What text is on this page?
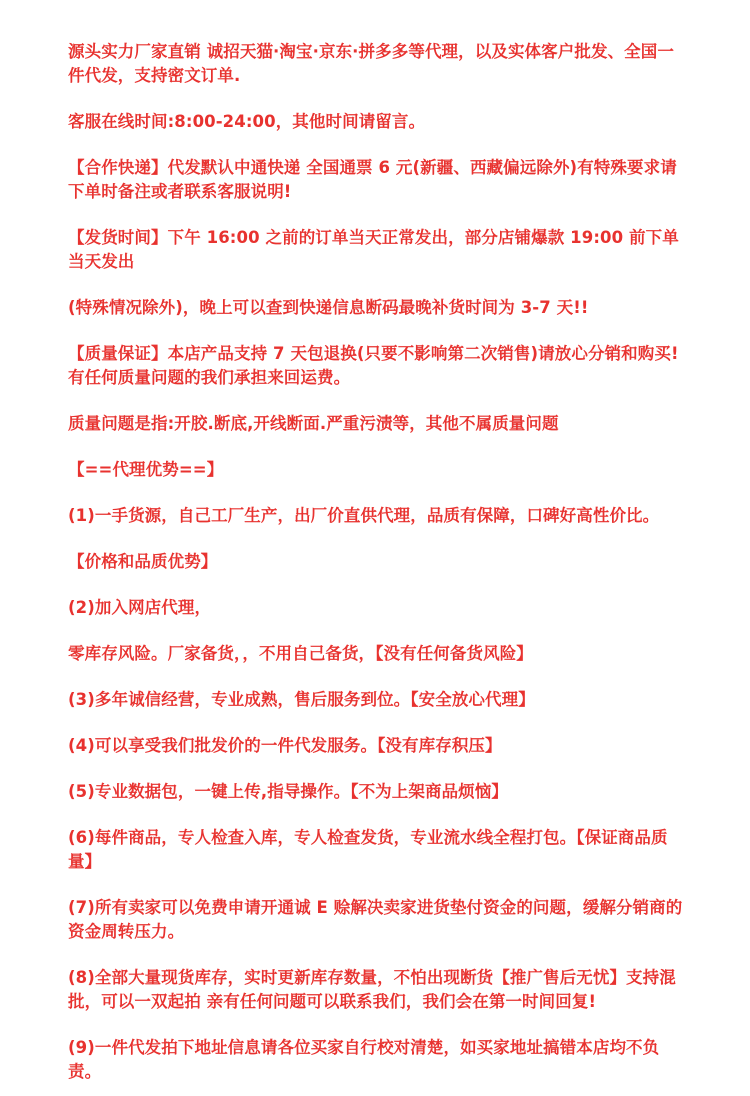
源头实力厂家直销 诚招天猫·淘宝·京东·拼多多等代理，以及实体客户批发、全国一件代发，支持密文订单.

客服在线时间:8:00-24:00，其他时间请留言。

【合作快递】代发默认中通快递 全国通票 6 元(新疆、西藏偏远除外)有特殊要求请下单时备注或者联系客服说明!

【发货时间】下午 16:00 之前的订单当天正常发出，部分店铺爆款 19:00 前下单当天发出

(特殊情况除外)，晚上可以查到快递信息断码最晚补货时间为 3-7 天!!

【质量保证】本店产品支持 7 天包退换(只要不影响第二次销售)请放心分销和购买!有任何质量问题的我们承担来回运费。

质量问题是指:开胶.断底,开线断面.严重污渍等，其他不属质量问题

【==代理优势==】

(1)一手货源，自己工厂生产，出厂价直供代理，品质有保障，口碑好高性价比。

【价格和品质优势】

(2)加入网店代理，

零库存风险。厂家备货，，不用自己备货，【没有任何备货风险】

(3)多年诚信经营，专业成熟，售后服务到位。【安全放心代理】

(4)可以享受我们批发价的一件代发服务。【没有库存积压】

(5)专业数据包，一键上传,指导操作。【不为上架商品烦恼】

(6)每件商品，专人检查入库，专人检查发货，专业流水线全程打包。【保证商品质量】

(7)所有卖家可以免费申请开通诚 E 赊解决卖家进货垫付资金的问题，缓解分销商的资金周转压力。

(8)全部大量现货库存，实时更新库存数量，不怕出现断货【推广售后无忧】支持混批，可以一双起拍 亲有任何问题可以联系我们，我们会在第一时间回复!

(9)一件代发拍下地址信息请各位买家自行校对清楚，如买家地址搞错本店均不负责。
